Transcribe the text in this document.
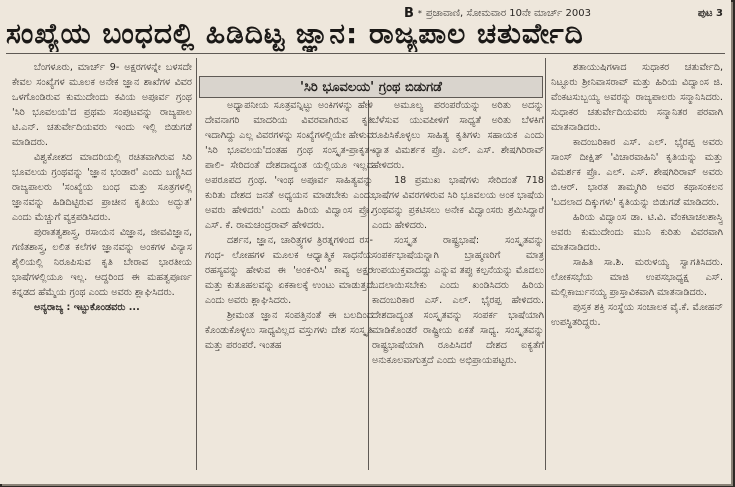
B * ಪ್ರಜಾವಾಣಿ, ಸೋಮವಾರ 10ನೇ ಮಾರ್ಚ್ 2003	ಪುಟ 3
ಸಂಖ್ಯೆಯ ಬಂಧದಲ್ಲಿ ಹಿಡಿದಿಟ್ಟ ಜ್ಞಾನ: ರಾಜ್ಯಪಾಲ ಚತುರ್ವೇದಿ
'ಸಿರಿ ಭೂವಲಯ' ಗ್ರಂಥ ಬಿಡುಗಡೆ

ಬೆಂಗಳೂರು, ಮಾರ್ಚ್ 9- ಅಕ್ಷರಗಳನ್ನೇ ಬಳಸದೇ ಕೇವಲ ಸಂಖ್ಯೆಗಳ ಮೂಲಕ ಅನೇಕ ಜ್ಞಾನ ಶಾಖೆಗಳ ವಿವರ ಒಳಗೊಂಡಿರುವ ಕುಮುದೇಂದು ಕವಿಯ ಅಪೂರ್ವ ಗ್ರಂಥ 'ಸಿರಿ ಭೂವಲಯ'ದ ಪ್ರಥಮ ಸಂಪುಟವನ್ನು ರಾಜ್ಯಪಾಲ ಟಿ.ಎನ್. ಚತುರ್ವೇದಿಯವರು ಇಂದು ಇಲ್ಲಿ ಬಿಡುಗಡೆ ಮಾಡಿದರು.

ವಿಶ್ವಕೋಶದ ಮಾದರಿಯಲ್ಲಿ ರಚಿತವಾಗಿರುವ ಸಿರಿ ಭೂವಲಯ ಗ್ರಂಥವನ್ನು 'ಜ್ಞಾನ ಭಂಡಾರ' ಎಂದು ಬಣ್ಣಿಸಿದ ರಾಜ್ಯಪಾಲರು 'ಸಂಖ್ಯೆಯ ಬಂಧ ಮತ್ತು ಸೂತ್ರಗಳಲ್ಲಿ ಜ್ಞಾನವನ್ನು ಹಿಡಿದಿಟ್ಟಿರುವ ಪ್ರಾಚೀನ ಕೃತಿಯು ಅದ್ಭುತ' ಎಂದು ಮೆಚ್ಚುಗೆ ವ್ಯಕ್ತಪಡಿಸಿದರು.

ಪುರಾತತ್ವಶಾಸ್ತ್ರ, ರಸಾಯನ ವಿಜ್ಞಾನ, ಜೀವವಿಜ್ಞಾನ, ಗಣಿತಶಾಸ್ತ್ರ, ಲಲಿತ ಕಲೆಗಳ ಜ್ಞಾನವನ್ನು ಅಂಕಗಳ ವಿನ್ಯಾಸ ಶೈಲಿಯಲ್ಲಿ ನಿರೂಪಿಸುವ ಕೃತಿ ಬೇರಾವ ಭಾರತೀಯ ಭಾಷೆಗಳಲ್ಲಿಯೂ ಇಲ್ಲ. ಆದ್ದರಿಂದ ಈ ಮಹತ್ವಪೂರ್ಣ ಕನ್ನಡದ ಹೆಮ್ಮೆಯ ಗ್ರಂಥ ಎಂದು ಅವರು ಶ್ಲಾಘಿಸಿದರು.

ಅನ್ಯರಾಜ್ಯ : ಇಟ್ಟುಕೊಂಡವರು ...

ಅಧ್ಯಾಪನೀಯ ಸೂತ್ರವನ್ನಿಟ್ಟು ಅಂಕಿಗಳನ್ನು ಹೇಳಿ ದೇವನಾಗರಿ ಮಾದರಿಯ ವಿವರವಾಗಿರುವ ಕೃತಿ ಇದಾಗಿದ್ದು ಎಲ್ಲ ವಿವರಗಳನ್ನು ಸಂಖ್ಯೆಗಳಲ್ಲಿಯೇ ಹೇಳುವ 'ಸಿರಿ ಭೂವಲಯ'ದಂತಹ ಗ್ರಂಥ ಸಂಸ್ಕೃತ-ಪ್ರಾಕೃತ- ಪಾಲಿ- ಸೇರಿದಂತೆ ದೇಶದಾದ್ಯಂತ ಯಲ್ಲಿಯೂ ಇಲ್ಲದ ಅಪರೂಪದ ಗ್ರಂಥ. 'ಇಂಥ ಅಪೂರ್ವ ಸಾಹಿತ್ಯವನ್ನು ಕುರಿತು ದೇಶದ ಜನತೆ ಅಧ್ಯಯನ ಮಾಡಬೇಕು ಎಂದು ಅವರು ಹೇಳಿದರು' ಎಂದು ಹಿರಿಯ ವಿದ್ವಾಂಸ ಪ್ರೊ. ಎಸ್. ಕೆ. ರಾಮಚಂದ್ರರಾವ್ ಹೇಳಿದರು.

ದರ್ಶನ, ಜ್ಞಾನ, ಚಾರಿತ್ರ್ಯಗಳ ತ್ರಿರತ್ನಗಳಿಂದ ರಸ- ಗಂಧ- ಲೋಹಗಳ ಮೂಲಕ ಆಧ್ಯಾತ್ಮಿಕ ಸಾಧನೆಯ ರಹಸ್ಯವನ್ನು ಹೇಳುವ ಈ 'ಅಂಕ-ರಿಸಿ' ಕಾವ್ಯ ಅಕ್ಷರ ಮತ್ತು ಕುತೂಹಲವನ್ನು ಏಕಕಾಲಕ್ಕೆ ಉಂಟು ಮಾಡುತ್ತದೆ ಎಂದು ಅವರು ಶ್ಲಾಘಿಸಿದರು.

ಶ್ರೀಮಂತ ಜ್ಞಾನ ಸಂಪತ್ತಿನಂತೆ ಈ ಬಲದಿಂದ ಕೊಂಡುಕೊಳ್ಳಲು ಸಾಧ್ಯವಿಲ್ಲದ ವಸ್ತುಗಳು ದೇಶ ಸಂಸ್ಕೃತಿ ಮತ್ತು ಪರಂಪರೆ. ಇಂತಹ

ಅಮೂಲ್ಯ ಪರಂಪರೆಯನ್ನು ಅರಿತು ಅದನ್ನು ಬೆಳೆಸುವ ಯುವಪೀಳಿಗೆ ಸಾಧ್ಯತೆ ಅರಿತು ಬೆಳಕಿಗೆ ರೂಪಿಸಿಕೊಳ್ಳಲು ಸಾಹಿತ್ಯ ಕೃತಿಗಳು ಸಹಾಯಕ ಎಂದು ಖ್ಯಾತ ವಿಮರ್ಶಕ ಪ್ರೊ. ಎಲ್. ಎಸ್. ಶೇಷಗಿರಿರಾವ್ ಹೇಳಿದರು.

18 ಪ್ರಮುಖ ಭಾಷೆಗಳು ಸೇರಿದಂತೆ 718 ಭಾಷೆಗಳ ವಿವರಗಳಿರುವ ಸಿರಿ ಭೂವಲಯ ಅಂಕ ಭಾಷೆಯ ಗ್ರಂಥವನ್ನು ಪ್ರಕಟಿಸಲು ಅನೇಕ ವಿದ್ವಾಂಸರು ಶ್ರಮಿಸಿದ್ದಾರೆ ಎಂದು ಹೇಳಿದರು.

ಸಂಸ್ಕೃತ ರಾಷ್ಟ್ರಭಾಷೆ: ಸಂಸ್ಕೃತವನ್ನು ಸಂಪರ್ಕಭಾಷೆಯನ್ನಾಗಿ ಬ್ರಾಹ್ಮಣರಿಗೆ ಮಾತ್ರ ಉಪಯುಕ್ತವಾದದ್ದು ಎನ್ನುವ ತಪ್ಪು ಕಲ್ಪನೆಯನ್ನು ಮೊದಲು ಬದಲಾಯಿಸಬೇಕು ಎಂದು ಖಂಡಿಸಿದರು ಹಿರಿಯ ಕಾದಂಬರಿಕಾರ ಎಸ್. ಎಲ್. ಭೈರಪ್ಪ ಹೇಳಿದರು. ದೇಶದಾದ್ಯಂತ ಸಂಸ್ಕೃತವನ್ನು ಸಂಪರ್ಕ ಭಾಷೆಯಾಗಿ ಮಾಡಿಕೊಂಡರೆ ರಾಷ್ಟ್ರೀಯ ಏಕತೆ ಸಾಧ್ಯ. ಸಂಸ್ಕೃತವನ್ನು ರಾಷ್ಟ್ರಭಾಷೆಯಾಗಿ ರೂಪಿಸಿದರೆ ದೇಶದ ಐಕ್ಯತೆಗೆ ಅನುಕೂಲವಾಗುತ್ತದೆ ಎಂದು ಅಭಿಪ್ರಾಯಪಟ್ಟರು.

ಶತಾಯುಷಿಗಳಾದ ಸುಧಾಕರ ಚತುರ್ವೇದಿ, ನಿಟ್ಟೂರು ಶ್ರೀನಿವಾಸರಾವ್ ಮತ್ತು ಹಿರಿಯ ವಿದ್ವಾಂಸ ಜಿ. ವೆಂಕಟಸುಬ್ಬಯ್ಯ ಅವರನ್ನು ರಾಜ್ಯಪಾಲರು ಸನ್ಮಾನಿಸಿದರು. ಸುಧಾಕರ ಚತುರ್ವೇದಿಯವರು ಸನ್ಮಾನಿತರ ಪರವಾಗಿ ಮಾತನಾಡಿದರು.

ಕಾದಂಬರಿಕಾರ ಎಸ್. ಎಲ್. ಭೈರಪ್ಪ ಅವರು ಸಾಂಸ್ ದೀಕ್ಷಿತ್ 'ವಿಚಾರವಾಹಿನಿ' ಕೃತಿಯನ್ನು ಮತ್ತು ವಿಮರ್ಶಕ ಪ್ರೊ. ಎಲ್. ಎಸ್. ಶೇಷಗಿರಿರಾವ್ ಅವರು ಬಿ.ಆರ್. ಭಾರತ ತಾಮ್ಮಗಿರಿ ಅವರ ಕಥಾಸಂಕಲನ 'ಬದಲಾದ ದಿಕ್ಕುಗಳು' ಕೃತಿಯನ್ನು ಬಿಡುಗಡೆ ಮಾಡಿದರು.

ಹಿರಿಯ ವಿದ್ವಾಂಸ ಡಾ. ಟಿ.ವಿ. ವೆಂಕಟಾಚಲಶಾಸ್ತ್ರಿ ಅವರು ಕುಮುದೇಂದು ಮುನಿ ಕುರಿತು ವಿವರವಾಗಿ ಮಾತನಾಡಿದರು.

ಸಾಹಿತಿ ಸಾ.ಶಿ. ಮರುಳಯ್ಯ ಸ್ವಾಗತಿಸಿದರು. ಲೋಕಸಭೆಯ ಮಾಜಿ ಉಪಸಭಾಧ್ಯಕ್ಷ ಎಸ್. ಮಲ್ಲಿಕಾರ್ಜುನಯ್ಯ ಪ್ರಾಸ್ತಾವಿಕವಾಗಿ ಮಾತನಾಡಿದರು.

ಪುಸ್ತಕ ಶಕ್ತಿ ಸಂಸ್ಥೆಯ ಸಂಚಾಲಕ ವೈ.ಕೆ. ಮೋಹನ್ ಉಪಸ್ಥಿತರಿದ್ದರು.
